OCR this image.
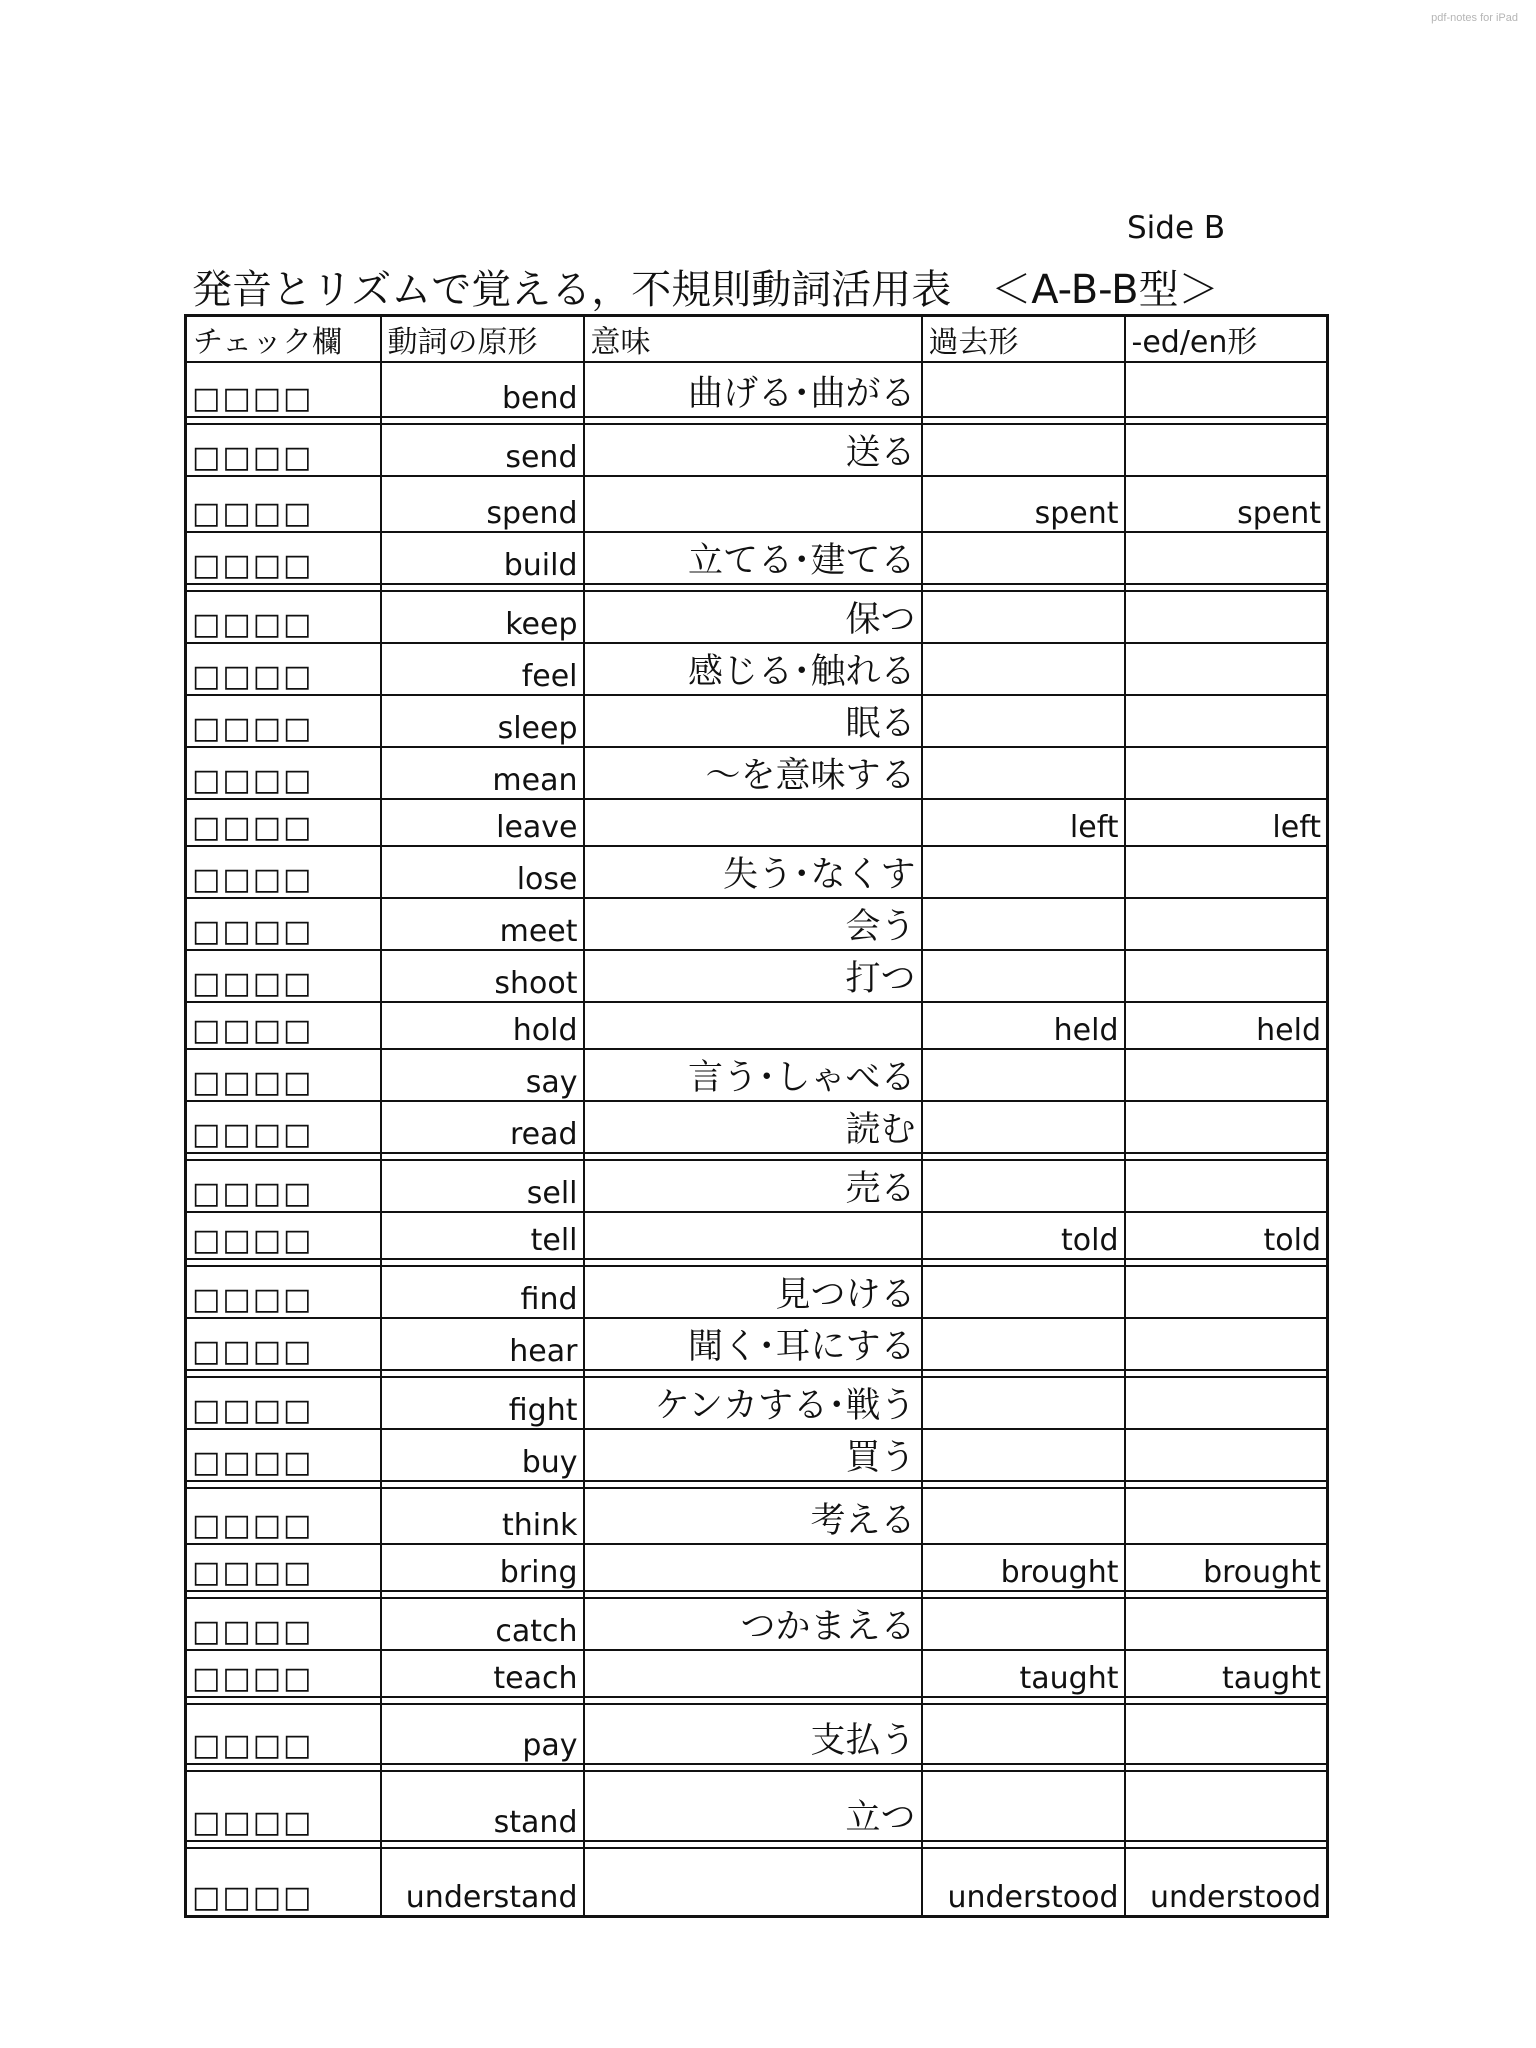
pdf-notes for iPad
Side B
発音とリズムで覚える，不規則動詞活用表　＜A-B-B型＞
チェック欄	動詞の原形	意味	過去形	-ed/en形
□□□□	bend	曲げる･曲がる		

□□□□	send	送る		
□□□□	spend		spent	spent
□□□□	build	立てる･建てる		

□□□□	keep	保つ		
□□□□	feel	感じる･触れる		
□□□□	sleep	眠る		
□□□□	mean	～を意味する		
□□□□	leave		left	left
□□□□	lose	失う･なくす		
□□□□	meet	会う		
□□□□	shoot	打つ		
□□□□	hold		held	held
□□□□	say	言う･しゃべる		
□□□□	read	読む		

□□□□	sell	売る		
□□□□	tell		told	told

□□□□	find	見つける		
□□□□	hear	聞く･耳にする		

□□□□	fight	ケンカする･戦う		
□□□□	buy	買う		

□□□□	think	考える		
□□□□	bring		brought	brought

□□□□	catch	つかまえる		
□□□□	teach		taught	taught

□□□□	pay	支払う		

□□□□	stand	立つ		

□□□□	understand		understood	understood
